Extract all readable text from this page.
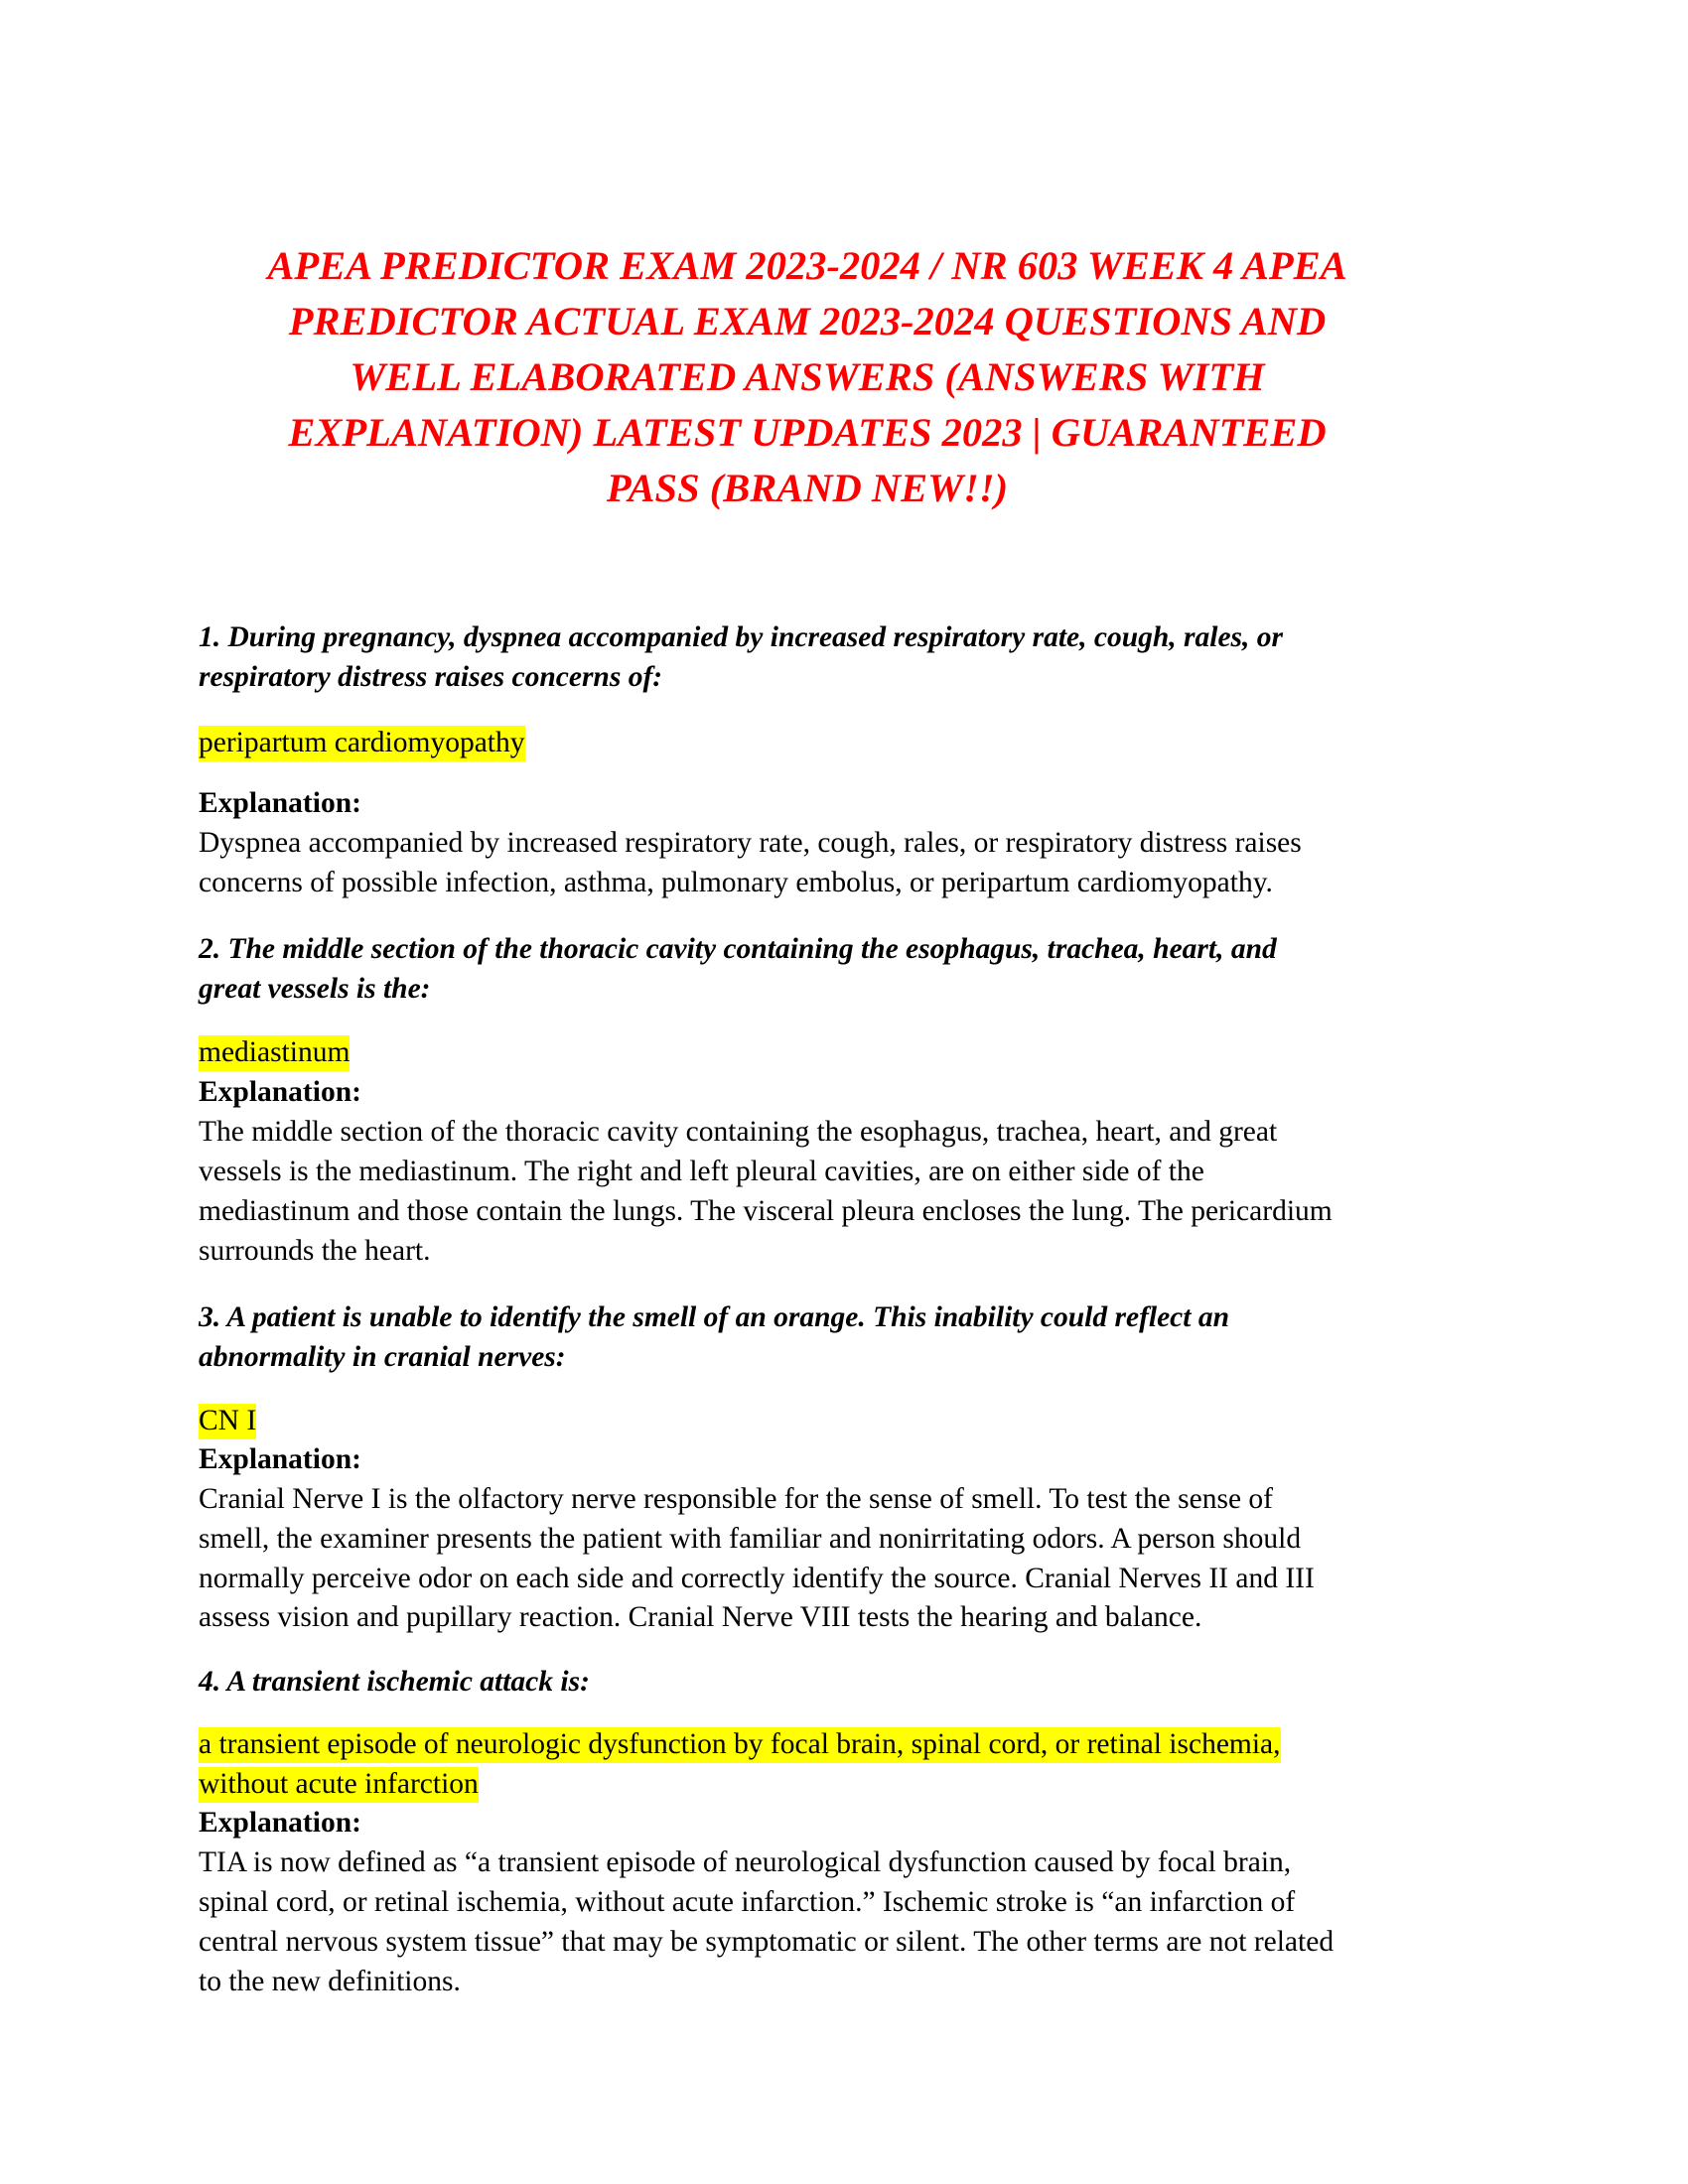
APEA PREDICTOR EXAM 2023-2024 / NR 603 WEEK 4 APEA
PREDICTOR ACTUAL EXAM 2023-2024 QUESTIONS AND
WELL ELABORATED ANSWERS (ANSWERS WITH
EXPLANATION) LATEST UPDATES 2023 | GUARANTEED
PASS (BRAND NEW!!)
1. During pregnancy, dyspnea accompanied by increased respiratory rate, cough, rales, or
respiratory distress raises concerns of:
peripartum cardiomyopathy
Explanation:
Dyspnea accompanied by increased respiratory rate, cough, rales, or respiratory distress raises
concerns of possible infection, asthma, pulmonary embolus, or peripartum cardiomyopathy.
2. The middle section of the thoracic cavity containing the esophagus, trachea, heart, and
great vessels is the:
mediastinum
Explanation:
The middle section of the thoracic cavity containing the esophagus, trachea, heart, and great
vessels is the mediastinum. The right and left pleural cavities, are on either side of the
mediastinum and those contain the lungs. The visceral pleura encloses the lung. The pericardium
surrounds the heart.
3. A patient is unable to identify the smell of an orange. This inability could reflect an
abnormality in cranial nerves:
CN I
Explanation:
Cranial Nerve I is the olfactory nerve responsible for the sense of smell. To test the sense of
smell, the examiner presents the patient with familiar and nonirritating odors. A person should
normally perceive odor on each side and correctly identify the source. Cranial Nerves II and III
assess vision and pupillary reaction. Cranial Nerve VIII tests the hearing and balance.
4. A transient ischemic attack is:
a transient episode of neurologic dysfunction by focal brain, spinal cord, or retinal ischemia,
without acute infarction
Explanation:
TIA is now defined as “a transient episode of neurological dysfunction caused by focal brain,
spinal cord, or retinal ischemia, without acute infarction.” Ischemic stroke is “an infarction of
central nervous system tissue” that may be symptomatic or silent. The other terms are not related
to the new definitions.
